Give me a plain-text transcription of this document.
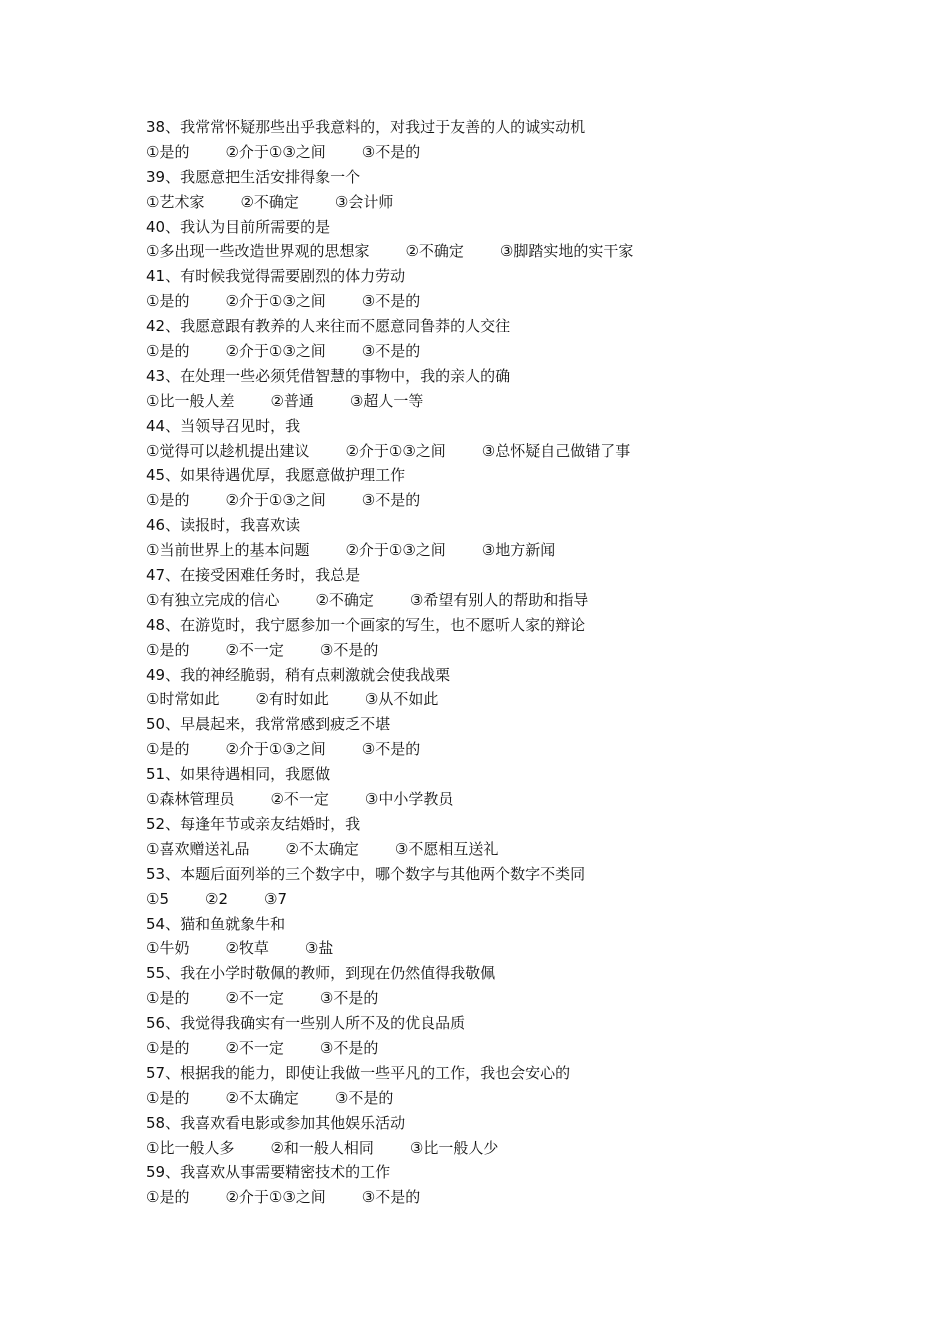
38、我常常怀疑那些出乎我意料的，对我过于友善的人的诚实动机
①是的 ②介于①③之间 ③不是的
39、我愿意把生活安排得象一个
①艺术家 ②不确定 ③会计师
40、我认为目前所需要的是
①多出现一些改造世界观的思想家 ②不确定 ③脚踏实地的实干家
41、有时候我觉得需要剧烈的体力劳动
①是的 ②介于①③之间 ③不是的
42、我愿意跟有教养的人来往而不愿意同鲁莽的人交往
①是的 ②介于①③之间 ③不是的
43、在处理一些必须凭借智慧的事物中，我的亲人的确
①比一般人差 ②普通 ③超人一等
44、当领导召见时，我
①觉得可以趁机提出建议 ②介于①③之间 ③总怀疑自己做错了事
45、如果待遇优厚，我愿意做护理工作
①是的 ②介于①③之间 ③不是的
46、读报时，我喜欢读
①当前世界上的基本问题 ②介于①③之间 ③地方新闻
47、在接受困难任务时，我总是
①有独立完成的信心 ②不确定 ③希望有别人的帮助和指导
48、在游览时，我宁愿参加一个画家的写生，也不愿听人家的辩论
①是的 ②不一定 ③不是的
49、我的神经脆弱，稍有点刺激就会使我战栗
①时常如此 ②有时如此 ③从不如此
50、早晨起来，我常常感到疲乏不堪
①是的 ②介于①③之间 ③不是的
51、如果待遇相同，我愿做
①森林管理员 ②不一定 ③中小学教员
52、每逢年节或亲友结婚时，我
①喜欢赠送礼品 ②不太确定 ③不愿相互送礼
53、本题后面列举的三个数字中，哪个数字与其他两个数字不类同
①5 ②2 ③7
54、猫和鱼就象牛和
①牛奶 ②牧草 ③盐
55、我在小学时敬佩的教师，到现在仍然值得我敬佩
①是的 ②不一定 ③不是的
56、我觉得我确实有一些别人所不及的优良品质
①是的 ②不一定 ③不是的
57、根据我的能力，即使让我做一些平凡的工作，我也会安心的
①是的 ②不太确定 ③不是的
58、我喜欢看电影或参加其他娱乐活动
①比一般人多 ②和一般人相同 ③比一般人少
59、我喜欢从事需要精密技术的工作
①是的 ②介于①③之间 ③不是的
